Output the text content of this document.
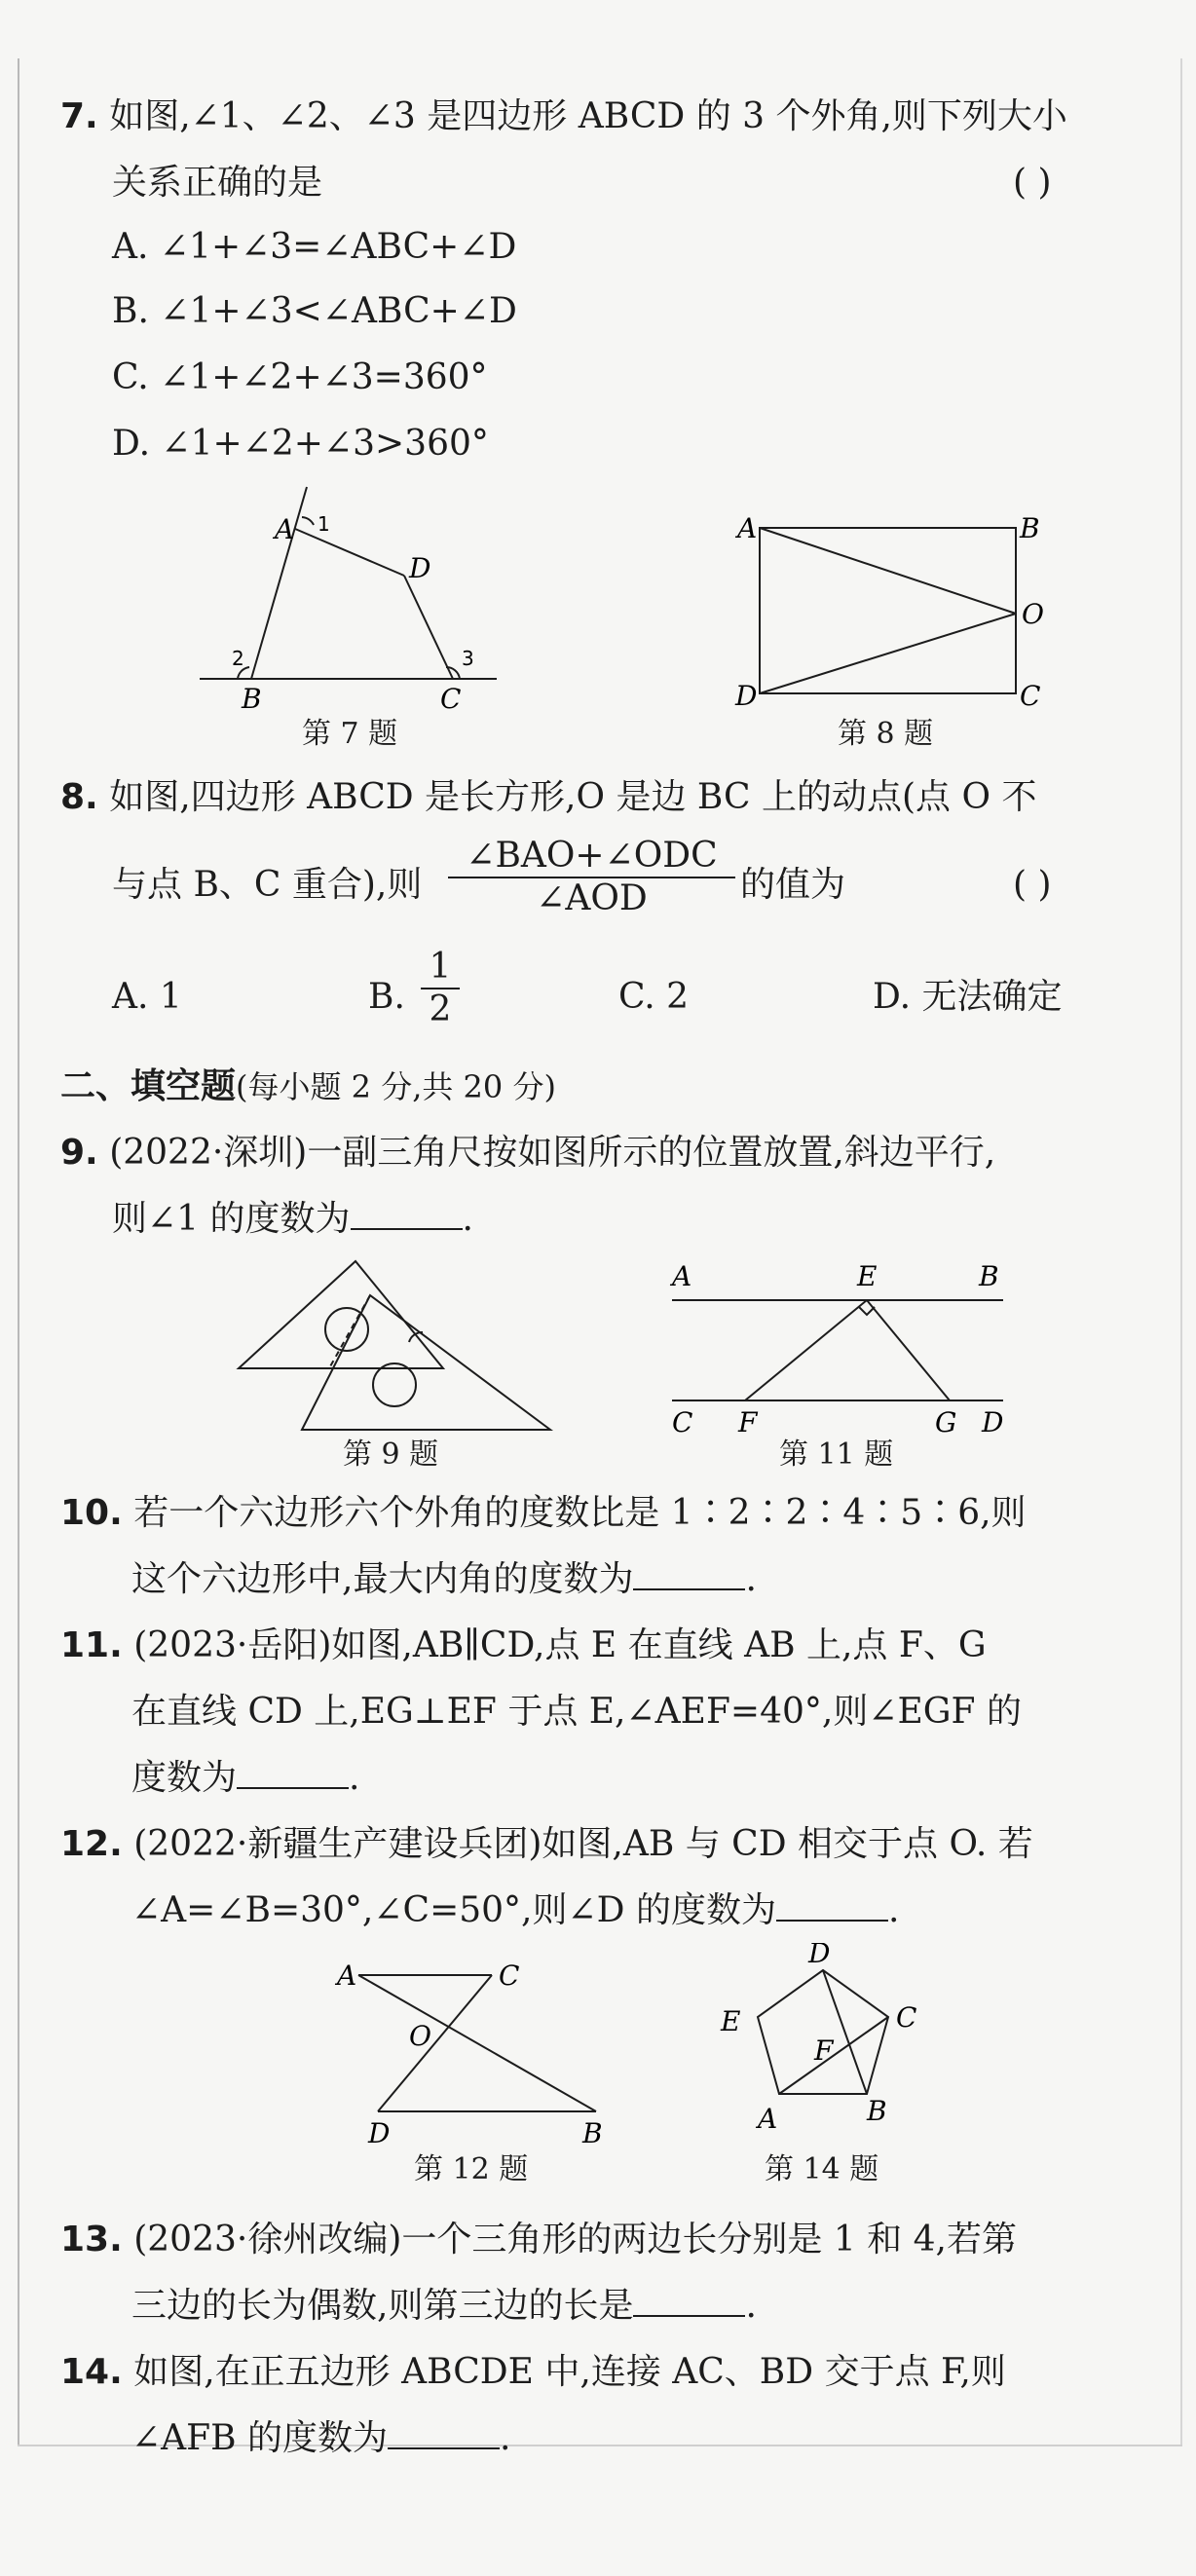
7. 如图,∠1、∠2、∠3 是四边形 ABCD 的 3 个外角,则下列大小
关系正确的是	( )
A. ∠1+∠3=∠ABC+∠D
B. ∠1+∠3<∠ABC+∠D
C. ∠1+∠2+∠3=360°
D. ∠1+∠2+∠3>360°
A 1
D
2	3
B	C
第 7 题
A	B
O
D	C
第 8 题
8. 如图,四边形 ABCD 是长方形,O 是边 BC 上的动点(点 O 不
与点 B、C 重合),则
∠BAO+∠ODC
∠AOD	的值为	( )
A. 1	B.
1
2	C. 2	D. 无法确定
二、填空题(每小题 2 分,共 20 分)
9. (2022·深圳)一副三角尺按如图所示的位置放置,斜边平行,
则∠1 的度数为	.
第 9 题
A	E	B
C F	G D
第 11 题
10. 若一个六边形六个外角的度数比是 1∶2∶2∶4∶5∶6,则
这个六边形中,最大内角的度数为	.
11. (2023·岳阳)如图,AB∥CD,点 E 在直线 AB 上,点 F、G
在直线 CD 上,EG⊥EF 于点 E,∠AEF=40°,则∠EGF 的
度数为	.
12. (2022·新疆生产建设兵团)如图,AB 与 CD 相交于点 O. 若
∠A=∠B=30°,∠C=50°,则∠D 的度数为	.
A	C
O
D	B
第 12 题
D
C
E
F
A	B
第 14 题
13. (2023·徐州改编)一个三角形的两边长分别是 1 和 4,若第
三边的长为偶数,则第三边的长是	.
14. 如图,在正五边形 ABCDE 中,连接 AC、BD 交于点 F,则
∠AFB 的度数为	.
